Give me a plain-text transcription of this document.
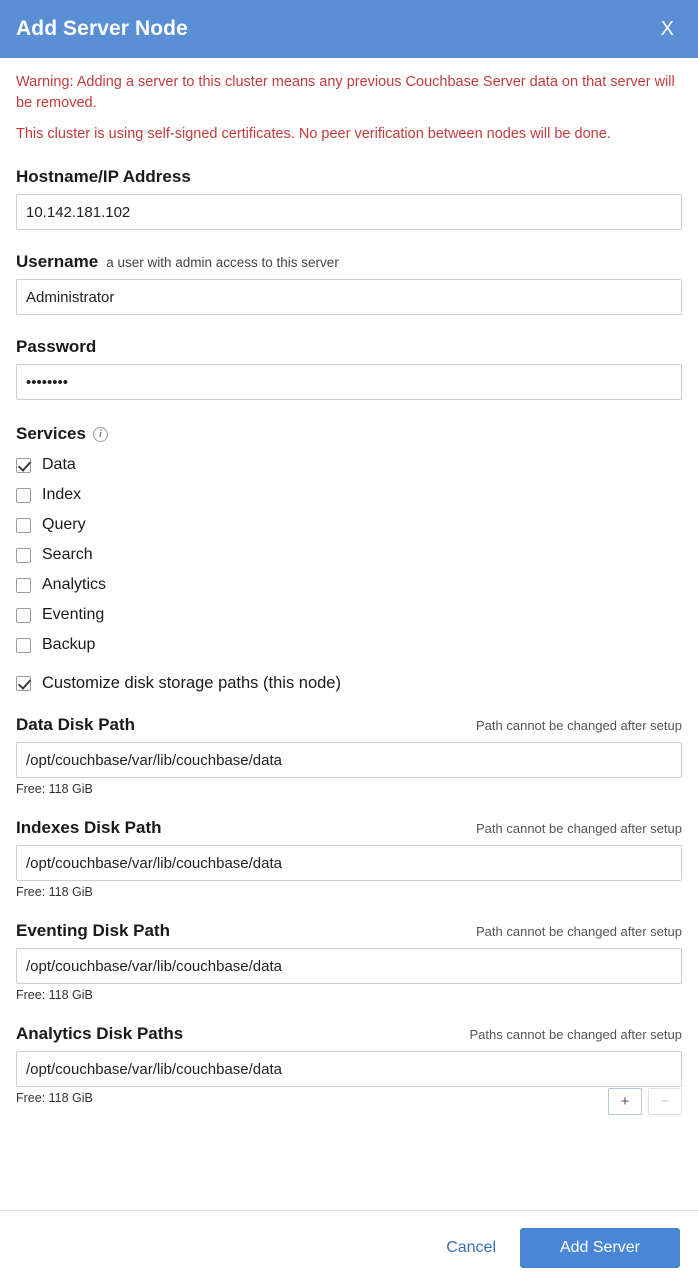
Add Server Node	X

Warning: Adding a server to this cluster means any previous Couchbase Server data on that server will be removed.

This cluster is using self-signed certificates. No peer verification between nodes will be done.

Hostname/IP Address
10.142.181.102
Username a user with admin access to this server
Administrator
Password
••••••••
Services	i
Data
Index
Query
Search
Analytics
Eventing
Backup
Customize disk storage paths (this node)
Data Disk Path	Path cannot be changed after setup
/opt/couchbase/var/lib/couchbase/data
Free: 118 GiB
Indexes Disk Path	Path cannot be changed after setup
/opt/couchbase/var/lib/couchbase/data
Free: 118 GiB
Eventing Disk Path	Path cannot be changed after setup
/opt/couchbase/var/lib/couchbase/data
Free: 118 GiB
Analytics Disk Paths	Paths cannot be changed after setup
/opt/couchbase/var/lib/couchbase/data
Free: 118 GiB	+	−
Cancel	Add Server
